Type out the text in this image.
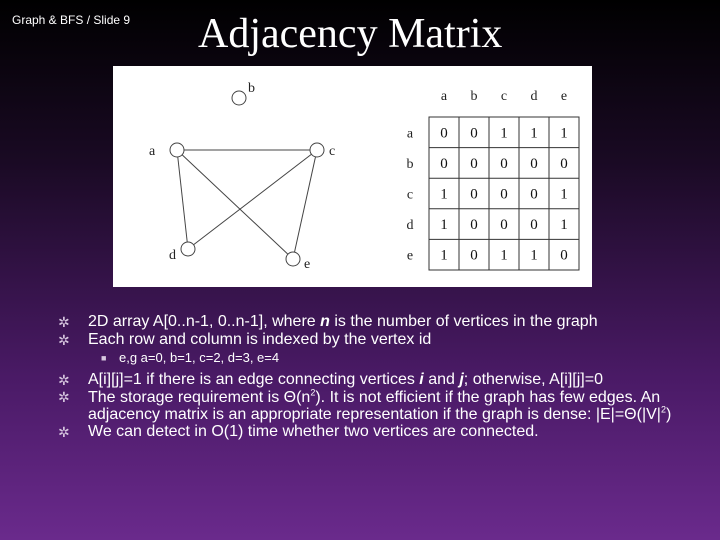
Graph & BFS / Slide 9 Adjacency Matrix
a
b
c
d
e
a b c d e
a 0 0 1 1 1
b 0 0 0 0 0
c 1 0 0 0 1
d 1 0 0 0 1
e 1 0 1 1 0
✲ 2D array A[0..n-1, 0..n-1], where n is the number of vertices in the graph
✲ Each row and column is indexed by the vertex id
■ e,g a=0, b=1, c=2, d=3, e=4
✲ A[i][j]=1 if there is an edge connecting vertices i and j; otherwise, A[i][j]=0
✲ The storage requirement is $\Theta(n^2)$. It is not efficient if the graph has few edges. An adjacency matrix is an appropriate representation if the graph is dense: $|E|=\Theta(|V|^2)$
✲ We can detect in O(1) time whether two vertices are connected.
